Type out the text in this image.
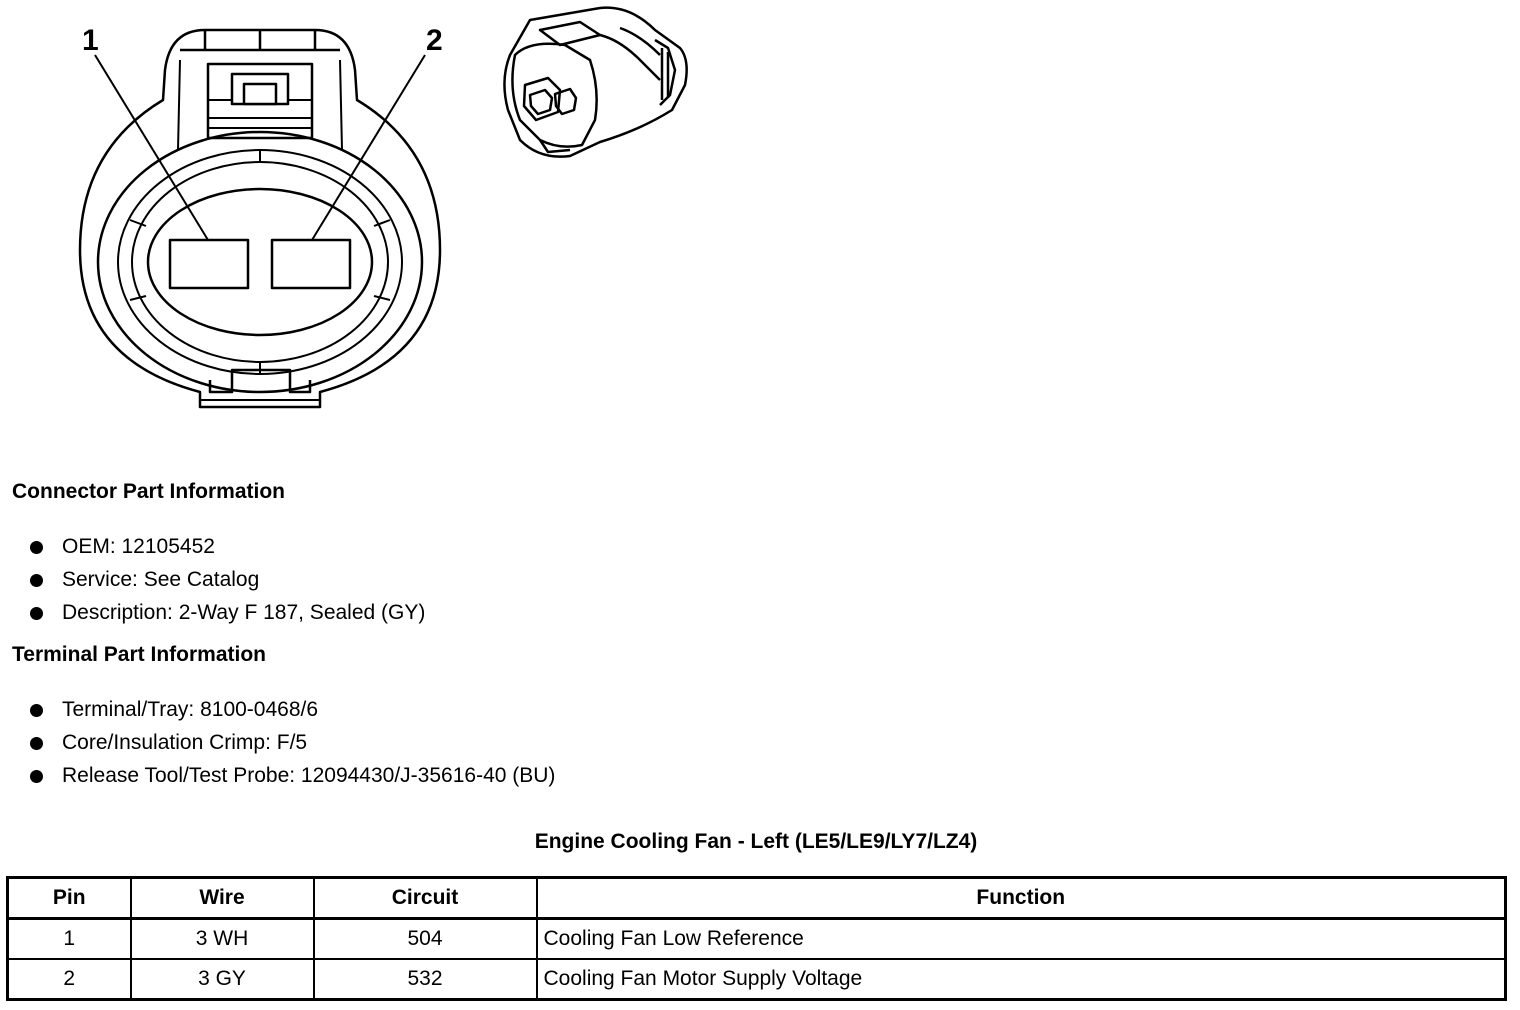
1	2
Connector Part Information
OEM: 12105452
Service: See Catalog
Description: 2-Way F 187, Sealed (GY)
Terminal Part Information
Terminal/Tray: 8100-0468/6
Core/Insulation Crimp: F/5
Release Tool/Test Probe: 12094430/J-35616-40 (BU)
Engine Cooling Fan - Left (LE5/LE9/LY7/LZ4)
Pin	Wire	Circuit	Function
1	3 WH	504	Cooling Fan Low Reference
2	3 GY	532	Cooling Fan Motor Supply Voltage
